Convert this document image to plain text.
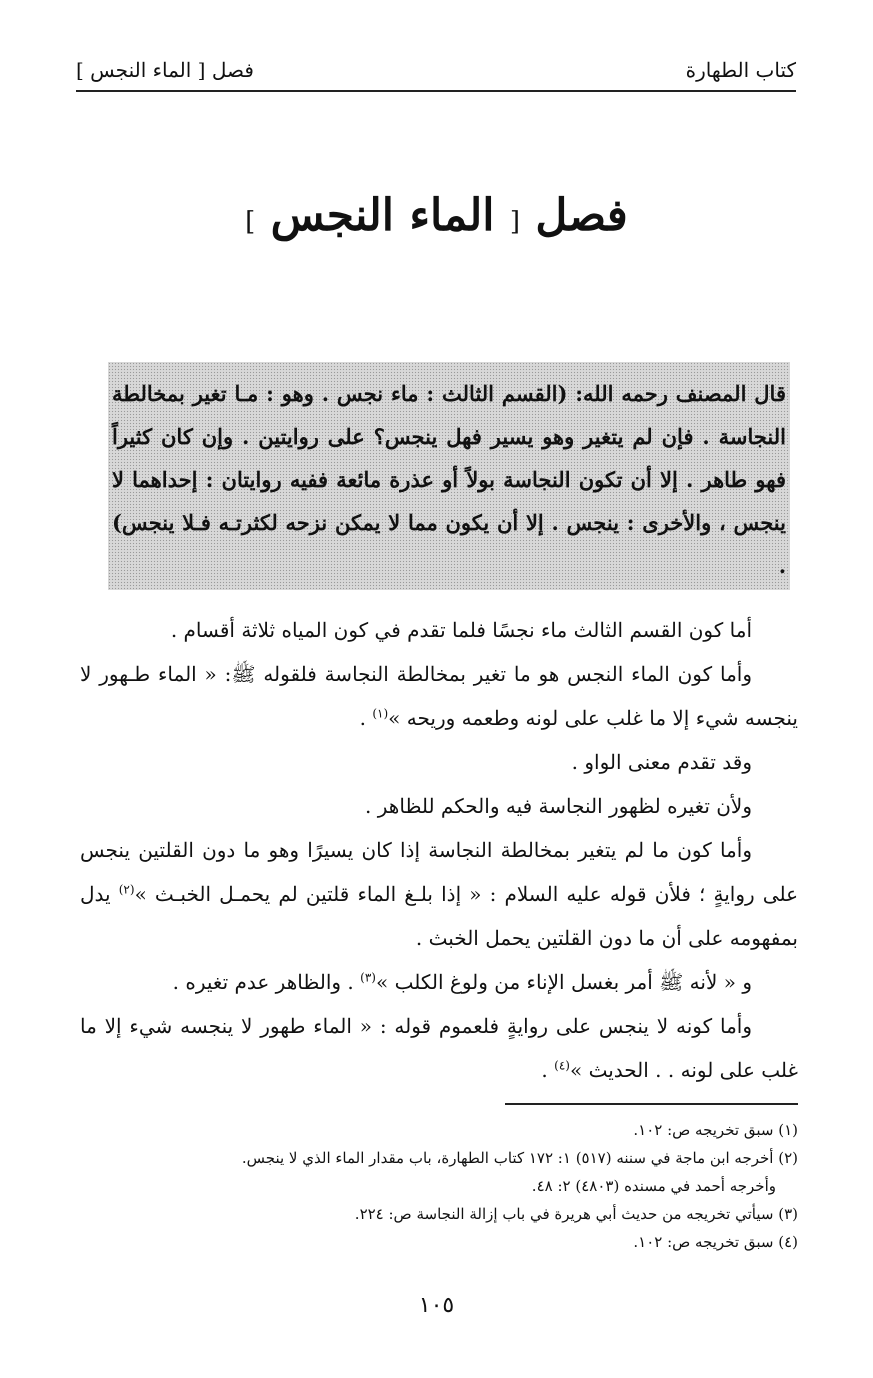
كتاب الطهارة
فصل [ الماء النجس ]
فصل [ الماء النجس ]
قال المصنف رحمه الله: (القسم الثالث : ماء نجس . وهو : مـا تغير بمخالطة النجاسة . فإن لم يتغير وهو يسير فهل ينجس؟ على روايتين . وإن كان كثيراً فهو طاهر . إلا أن تكون النجاسة بولاً أو عذرة مائعة ففيه روايتان : إحداهما لا ينجس ، والأخرى : ينجس . إلا أن يكون مما لا يمكن نزحه لكثرتـه فـلا ينجس) .

أما كون القسم الثالث ماء نجسًا فلما تقدم في كون المياه ثلاثة أقسام .

وأما كون الماء النجس هو ما تغير بمخالطة النجاسة فلقوله ﷺ: « الماء طـهور لا ينجسه شيء إلا ما غلب على لونه وطعمه وريحه »$^{(١)}$ .

وقد تقدم معنى الواو .

ولأن تغيره لظهور النجاسة فيه والحكم للظاهر .

وأما كون ما لم يتغير بمخالطة النجاسة إذا كان يسيرًا وهو ما دون القلتين ينجس على روايةٍ ؛ فلأن قوله عليه السلام : « إذا بلـغ الماء قلتين لم يحمـل الخبـث »$^{(٢)}$ يدل بمفهومه على أن ما دون القلتين يحمل الخبث .

و « لأنه ﷺ أمر بغسل الإناء من ولوغ الكلب »$^{(٣)}$ . والظاهر عدم تغيره .

وأما كونه لا ينجس على روايةٍ فلعموم قوله : « الماء طهور لا ينجسه شيء إلا ما غلب على لونه . . الحديث »$^{(٤)}$ .

(١) سبق تخريجه ص: ١٠٢.

(٢) أخرجه ابن ماجة في سننه (٥١٧) ١: ١٧٢ كتاب الطهارة، باب مقدار الماء الذي لا ينجس.

وأخرجه أحمد في مسنده (٤٨٠٣) ٢: ٤٨.

(٣) سيأتي تخريجه من حديث أبي هريرة في باب إزالة النجاسة ص: ٢٢٤.

(٤) سبق تخريجه ص: ١٠٢.

١٠٥
